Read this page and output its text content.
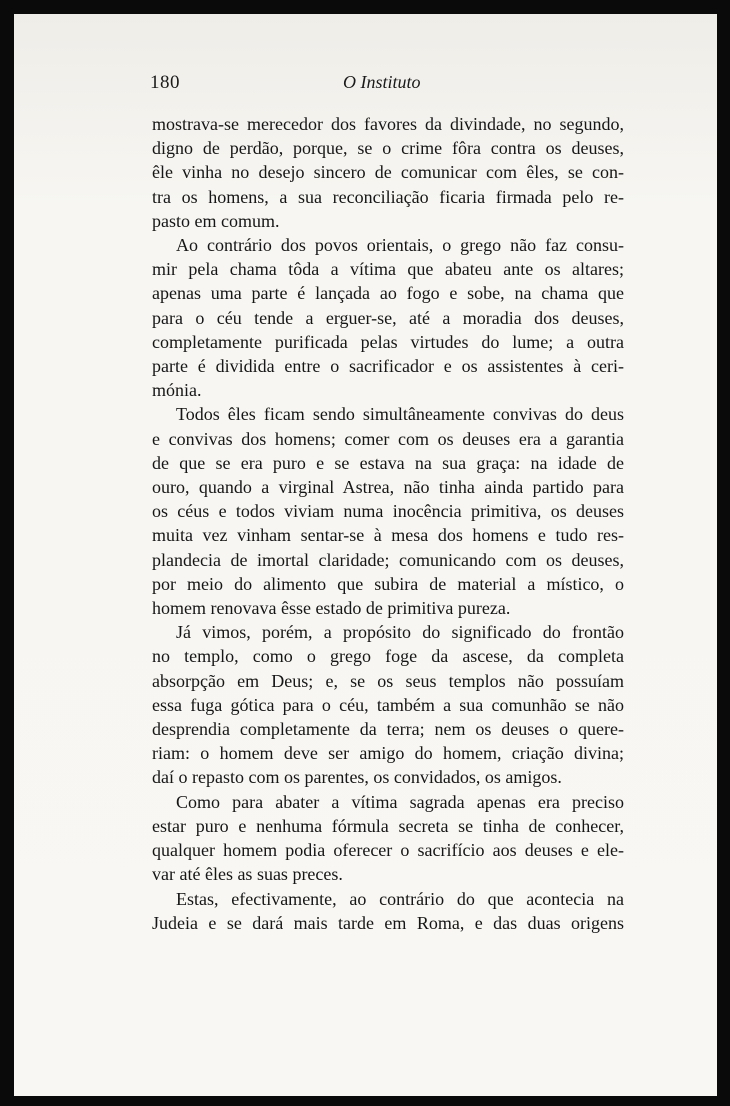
180	O Instituto

mostrava-se merecedor dos favores da divindade, no segundo,
digno de perdão, porque, se o crime fôra contra os deuses,
êle vinha no desejo sincero de comunicar com êles, se con-
tra os homens, a sua reconciliação ficaria firmada pelo re-
pasto em comum.

Ao contrário dos povos orientais, o grego não faz consu-
mir pela chama tôda a vítima que abateu ante os altares;
apenas uma parte é lançada ao fogo e sobe, na chama que
para o céu tende a erguer-se, até a moradia dos deuses,
completamente purificada pelas virtudes do lume; a outra
parte é dividida entre o sacrificador e os assistentes à ceri-
mónia.

Todos êles ficam sendo simultâneamente convivas do deus
e convivas dos homens; comer com os deuses era a garantia
de que se era puro e se estava na sua graça: na idade de
ouro, quando a virginal Astrea, não tinha ainda partido para
os céus e todos viviam numa inocência primitiva, os deuses
muita vez vinham sentar-se à mesa dos homens e tudo res-
plandecia de imortal claridade; comunicando com os deuses,
por meio do alimento que subira de material a místico, o
homem renovava êsse estado de primitiva pureza.

Já vimos, porém, a propósito do significado do frontão
no templo, como o grego foge da ascese, da completa
absorpção em Deus; e, se os seus templos não possuíam
essa fuga gótica para o céu, também a sua comunhão se não
desprendia completamente da terra; nem os deuses o quere-
riam: o homem deve ser amigo do homem, criação divina;
daí o repasto com os parentes, os convidados, os amigos.

Como para abater a vítima sagrada apenas era preciso
estar puro e nenhuma fórmula secreta se tinha de conhecer,
qualquer homem podia oferecer o sacrifício aos deuses e ele-
var até êles as suas preces.

Estas, efectivamente, ao contrário do que acontecia na
Judeia e se dará mais tarde em Roma, e das duas origens
